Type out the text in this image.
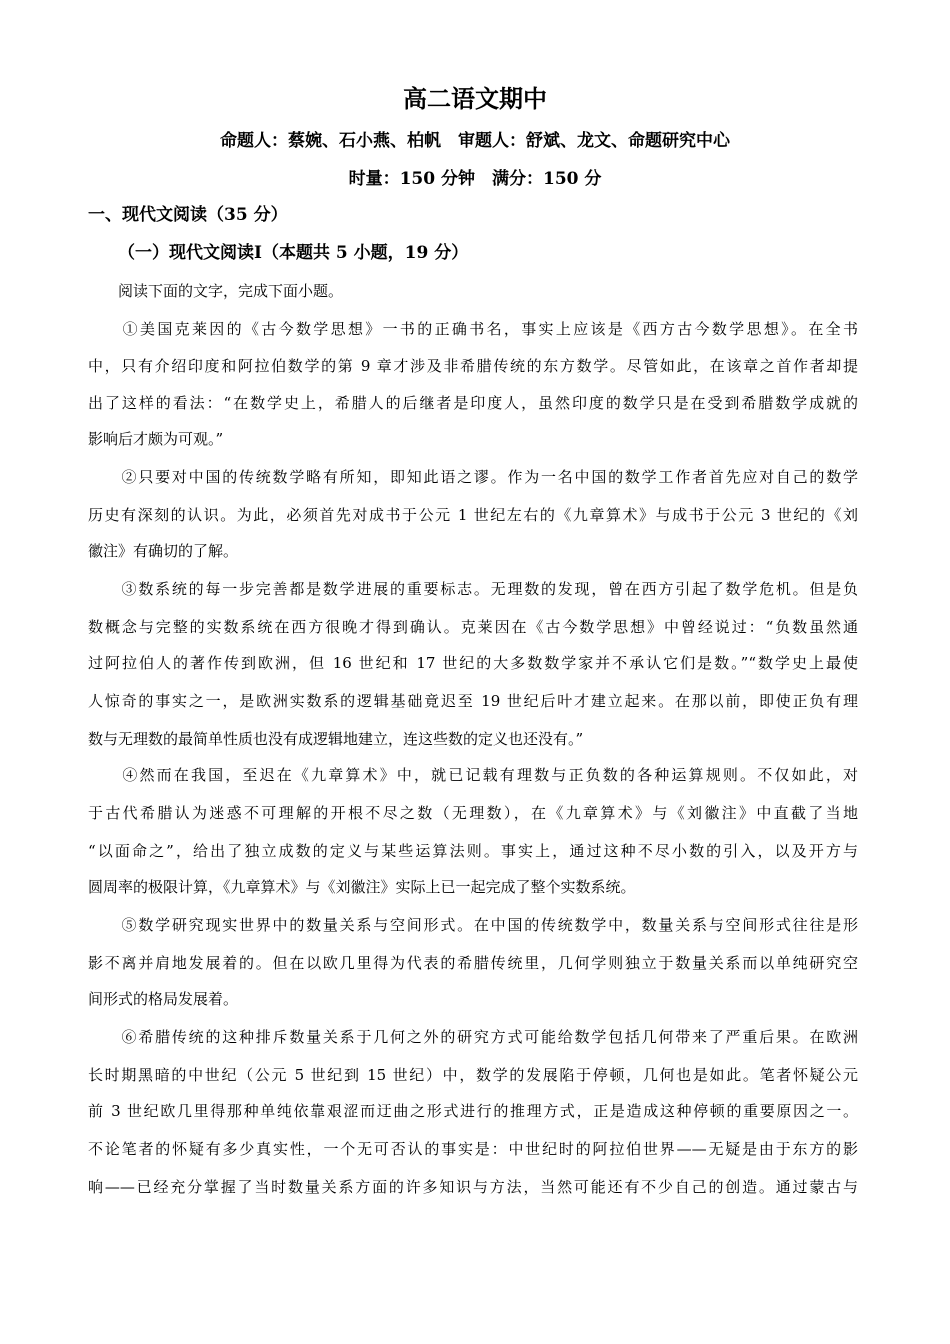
高二语文期中
命题人：蔡婉、石小燕、柏帆　审题人：舒斌、龙文、命题研究中心
时量：150 分钟　满分：150 分
一、现代文阅读（35 分）
（一）现代文阅读Ⅰ（本题共 5 小题，19 分）
　　阅读下面的文字，完成下面小题。
　　①美国克莱因的《古今数学思想》一书的正确书名，事实上应该是《西方古今数学思想》。在全书
中，只有介绍印度和阿拉伯数学的第 9 章才涉及非希腊传统的东方数学。尽管如此，在该章之首作者却提
出了这样的看法：“在数学史上，希腊人的后继者是印度人，虽然印度的数学只是在受到希腊数学成就的
影响后才颇为可观。”
　　②只要对中国的传统数学略有所知，即知此语之谬。作为一名中国的数学工作者首先应对自己的数学
历史有深刻的认识。为此，必须首先对成书于公元 1 世纪左右的《九章算术》与成书于公元 3 世纪的《刘
徽注》有确切的了解。
　　③数系统的每一步完善都是数学进展的重要标志。无理数的发现，曾在西方引起了数学危机。但是负
数概念与完整的实数系统在西方很晚才得到确认。克莱因在《古今数学思想》中曾经说过：“负数虽然通
过阿拉伯人的著作传到欧洲，但 16 世纪和 17 世纪的大多数数学家并不承认它们是数。”“数学史上最使
人惊奇的事实之一，是欧洲实数系的逻辑基础竟迟至 19 世纪后叶才建立起来。在那以前，即使正负有理
数与无理数的最简单性质也没有成逻辑地建立，连这些数的定义也还没有。”
　　④然而在我国，至迟在《九章算术》中，就已记载有理数与正负数的各种运算规则。不仅如此，对
于古代希腊认为迷惑不可理解的开根不尽之数（无理数），在《九章算术》与《刘徽注》中直截了当地
“以面命之”，给出了独立成数的定义与某些运算法则。事实上，通过这种不尽小数的引入，以及开方与
圆周率的极限计算，《九章算术》与《刘徽注》实际上已一起完成了整个实数系统。
　　⑤数学研究现实世界中的数量关系与空间形式。在中国的传统数学中，数量关系与空间形式往往是形
影不离并肩地发展着的。但在以欧几里得为代表的希腊传统里，几何学则独立于数量关系而以单纯研究空
间形式的格局发展着。
　　⑥希腊传统的这种排斥数量关系于几何之外的研究方式可能给数学包括几何带来了严重后果。在欧洲
长时期黑暗的中世纪（公元 5 世纪到 15 世纪）中，数学的发展陷于停顿，几何也是如此。笔者怀疑公元
前 3 世纪欧几里得那种单纯依靠艰涩而迂曲之形式进行的推理方式，正是造成这种停顿的重要原因之一。
不论笔者的怀疑有多少真实性，一个无可否认的事实是：中世纪时的阿拉伯世界——无疑是由于东方的影
响——已经充分掌握了当时数量关系方面的许多知识与方法，当然可能还有不少自己的创造。通过蒙古与
